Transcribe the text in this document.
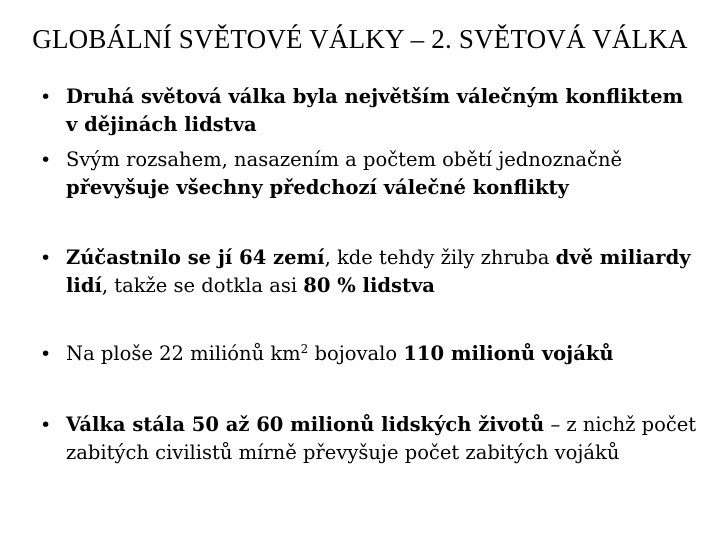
GLOBÁLNÍ SVĚTOVÉ VÁLKY – 2. SVĚTOVÁ VÁLKA
• Druhá světová válka byla největším válečným konfliktem v dějinách lidstva
• Svým rozsahem, nasazením a počtem obětí jednoznačně převyšuje všechny předchozí válečné konflikty
• Zúčastnilo se jí 64 zemí, kde tehdy žily zhruba dvě miliardy lidí, takže se dotkla asi 80 % lidstva
• Na ploše 22 miliónů $km^2$ bojovalo 110 milionů vojáků
• Válka stála 50 až 60 milionů lidských životů – z nichž počet zabitých civilistů mírně převyšuje počet zabitých vojáků
